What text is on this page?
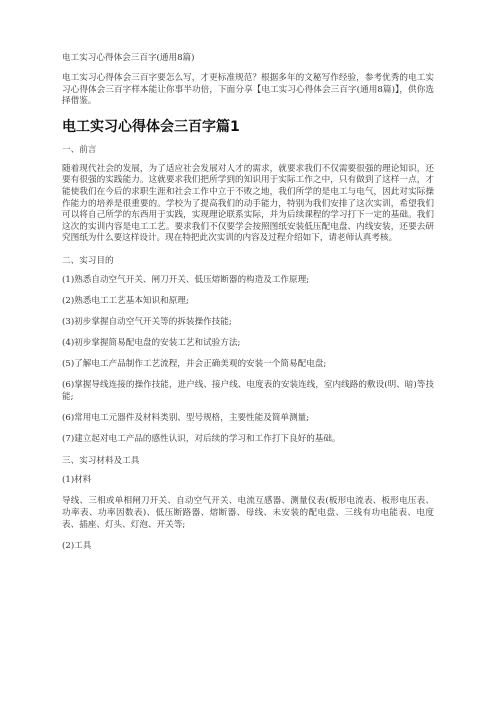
电工实习心得体会三百字(通用8篇)

电工实习心得体会三百字要怎么写，才更标准规范？根据多年的文秘写作经验，参考优秀的电工实习心得体会三百字样本能让你事半功倍，下面分享【电工实习心得体会三百字(通用8篇)】，供你选择借鉴。

电工实习心得体会三百字篇1

一、前言

随着现代社会的发展，为了适应社会发展对人才的需求，就要求我们不仅需要很强的理论知识，还要有很强的实践能力。这就要求我们把所学到的知识用于实际工作之中，只有做到了这样一点，才能使我们在今后的求职生涯和社会工作中立于不败之地，我们所学的是电工与电气，因此对实际操作能力的培养是很重要的。学校为了提高我们的动手能力，特别为我们安排了这次实训，希望我们可以将自己所学的东西用于实践，实现理论联系实际，并为后续课程的学习打下一定的基础。我们这次的实训内容是电工工艺。要求我们不仅要学会按照图纸安装低压配电盘、内线安装，还要去研究图纸为什么要这样设计。现在特把此次实训的内容及过程介绍如下，请老师认真考核。

二、实习目的

(1)熟悉自动空气开关、闸刀开关、低压熔断器的构造及工作原理;

(2)熟悉电工工艺基本知识和原理;

(3)初步掌握自动空气开关等的拆装操作技能;

(4)初步掌握简易配电盘的安装工艺和试验方法;

(5)了解电工产品制作工艺流程，并会正确美观的安装一个简易配电盘;

(6)掌握导线连接的操作技能，进户线、接户线、电度表的安装连线，室内线路的敷设(明、暗)等技能;

(6)常用电工元器件及材料类别、型号规格，主要性能及简单测量;

(7)建立起对电工产品的感性认识，对后续的学习和工作打下良好的基础。

三、实习材料及工具

(1)材料

导线、三相或单相闸刀开关、自动空气开关、电流互感器、测量仪表(板形电流表、板形电压表、功率表、功率因数表)、低压断路器、熔断器、母线、未安装的配电盘、三线有功电能表、电度表、插座、灯头、灯泡、开关等;

(2)工具
